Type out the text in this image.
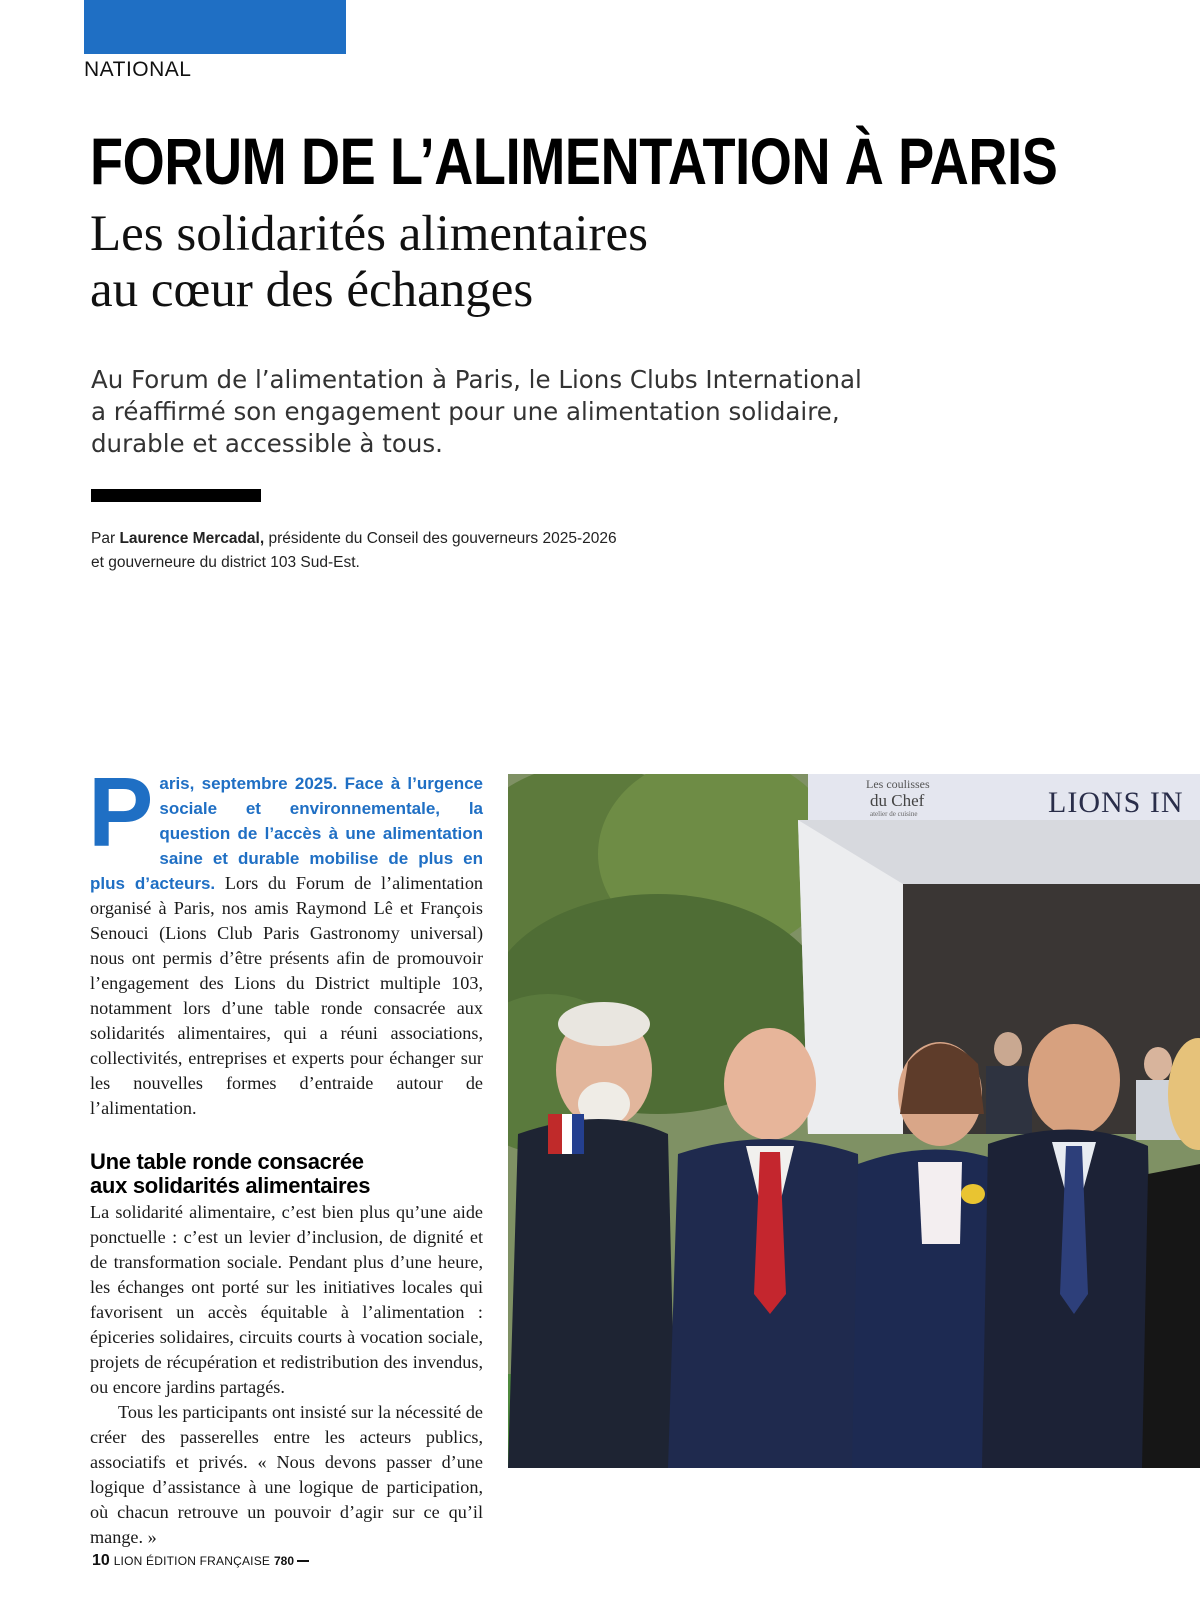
NATIONAL
FORUM DE L’ALIMENTATION À PARIS
Les solidarités alimentaires
au cœur des échanges

Au Forum de l’alimentation à Paris, le Lions Clubs International
a réaffirmé son engagement pour une alimentation solidaire,
durable et accessible à tous.

Par Laurence Mercadal, présidente du Conseil des gouverneurs 2025-2026
et gouverneure du district 103 Sud-Est.

Paris, septembre 2025. Face à l’urgence sociale et environnementale, la question de l’accès à une alimentation saine et durable mobilise de plus en plus d’acteurs. Lors du Forum de l’alimentation organisé à Paris, nos amis Raymond Lê et François Senouci (Lions Club Paris Gastronomy universal) nous ont permis d’être présents afin de promouvoir l’engagement des Lions du District multiple 103, notamment lors d’une table ronde consacrée aux solidarités alimentaires, qui a réuni associations, collectivités, entreprises et experts pour échanger sur les nouvelles formes d’entraide autour de l’alimentation.

Une table ronde consacrée
aux solidarités alimentaires

La solidarité alimentaire, c’est bien plus qu’une aide ponctuelle : c’est un levier d’inclusion, de dignité et de transformation sociale. Pendant plus d’une heure, les échanges ont porté sur les initiatives locales qui favorisent un accès équitable à l’alimentation : épiceries solidaires, circuits courts à vocation sociale, projets de récupération et redistribution des invendus, ou encore jardins partagés.

Tous les participants ont insisté sur la nécessité de créer des passerelles entre les acteurs publics, associatifs et privés. « Nous devons passer d’une logique d’assistance à une logique de participation, où chacun retrouve un pouvoir d’agir sur ce qu’il mange. »

Les coulisses
du Chef
atelier de cuisine	LIONS IN
10 LION ÉDITION FRANÇAISE 780
